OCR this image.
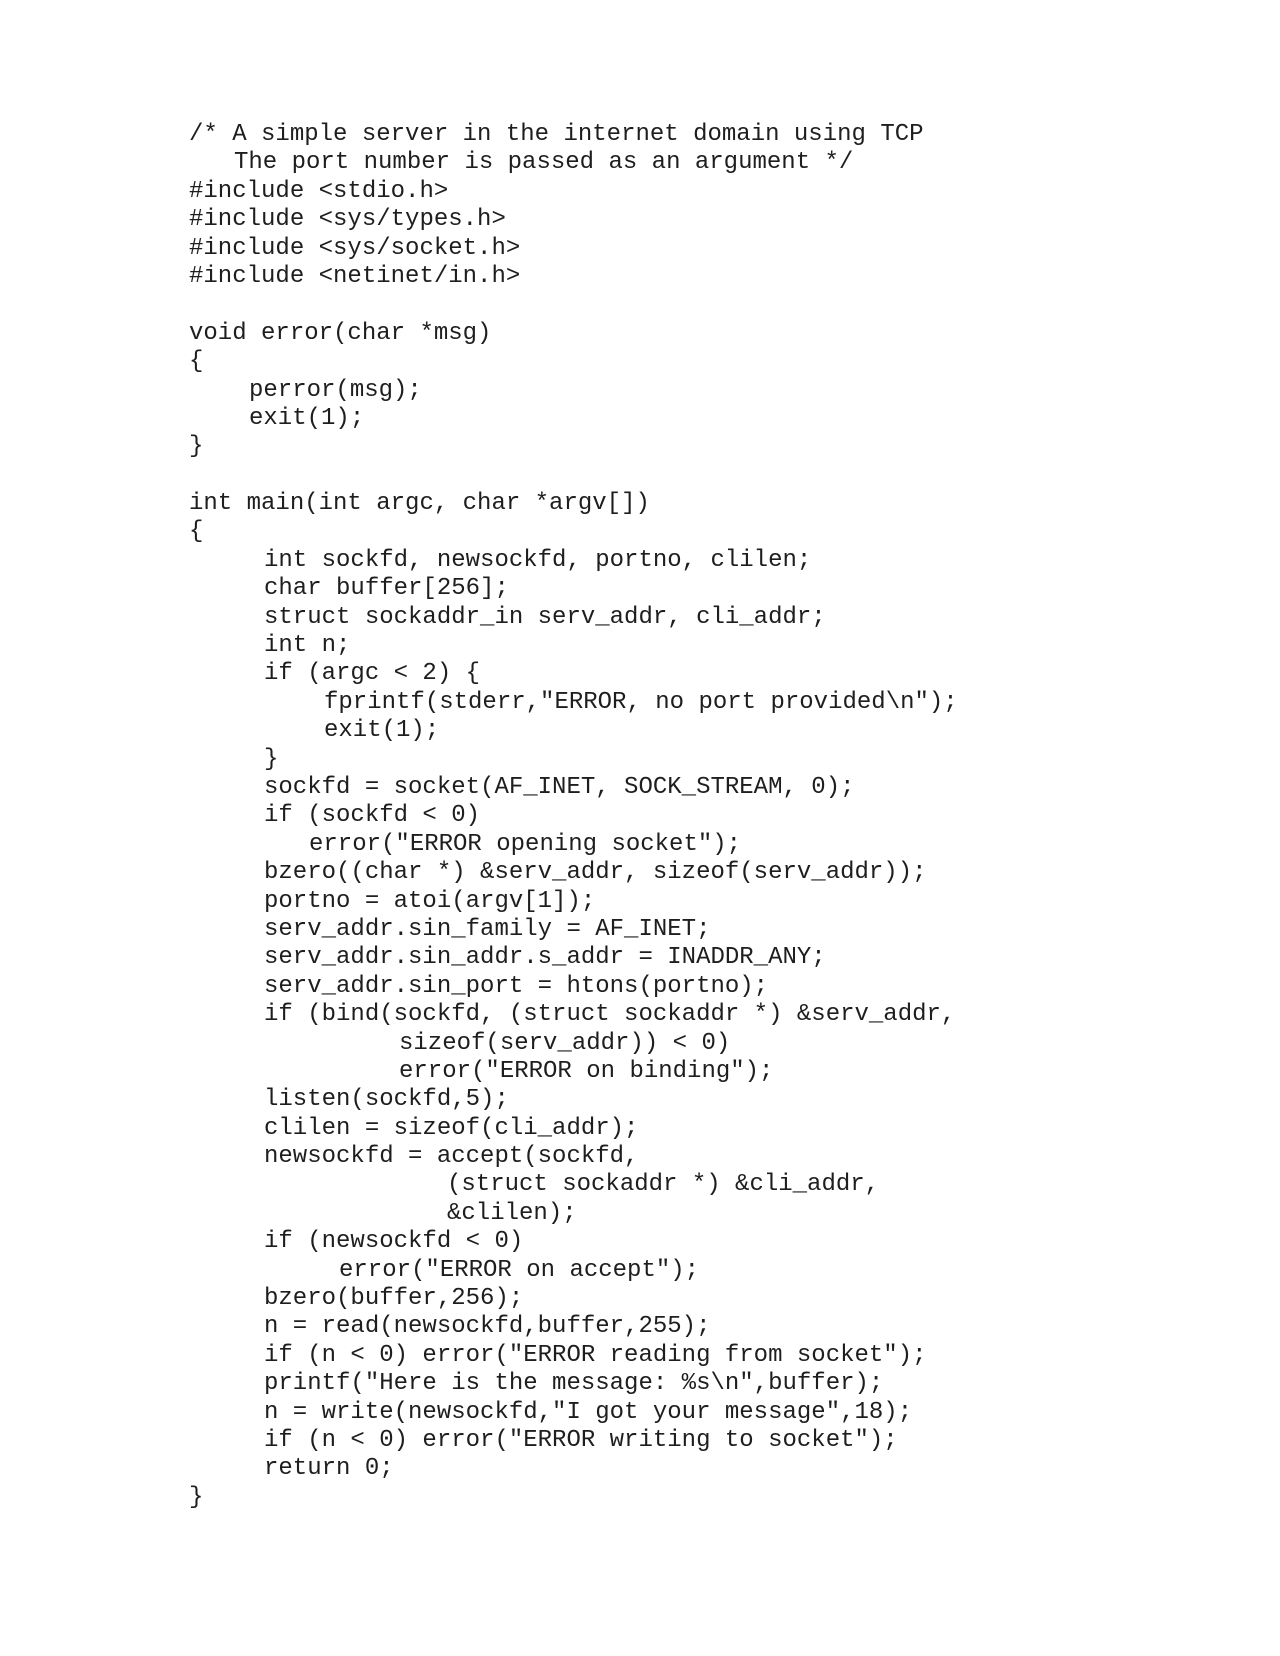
/* A simple server in the internet domain using TCP
The port number is passed as an argument */
#include <stdio.h>
#include <sys/types.h>
#include <sys/socket.h>
#include <netinet/in.h>
void error(char *msg)
{
perror(msg);
exit(1);
}
int main(int argc, char *argv[])
{
int sockfd, newsockfd, portno, clilen;
char buffer[256];
struct sockaddr_in serv_addr, cli_addr;
int n;
if (argc < 2) {
fprintf(stderr,"ERROR, no port provided\n");
exit(1);
}
sockfd = socket(AF_INET, SOCK_STREAM, 0);
if (sockfd < 0)
error("ERROR opening socket");
bzero((char *) &serv_addr, sizeof(serv_addr));
portno = atoi(argv[1]);
serv_addr.sin_family = AF_INET;
serv_addr.sin_addr.s_addr = INADDR_ANY;
serv_addr.sin_port = htons(portno);
if (bind(sockfd, (struct sockaddr *) &serv_addr,
sizeof(serv_addr)) < 0)
error("ERROR on binding");
listen(sockfd,5);
clilen = sizeof(cli_addr);
newsockfd = accept(sockfd,
(struct sockaddr *) &cli_addr,
&clilen);
if (newsockfd < 0)
error("ERROR on accept");
bzero(buffer,256);
n = read(newsockfd,buffer,255);
if (n < 0) error("ERROR reading from socket");
printf("Here is the message: %s\n",buffer);
n = write(newsockfd,"I got your message",18);
if (n < 0) error("ERROR writing to socket");
return 0;
}
